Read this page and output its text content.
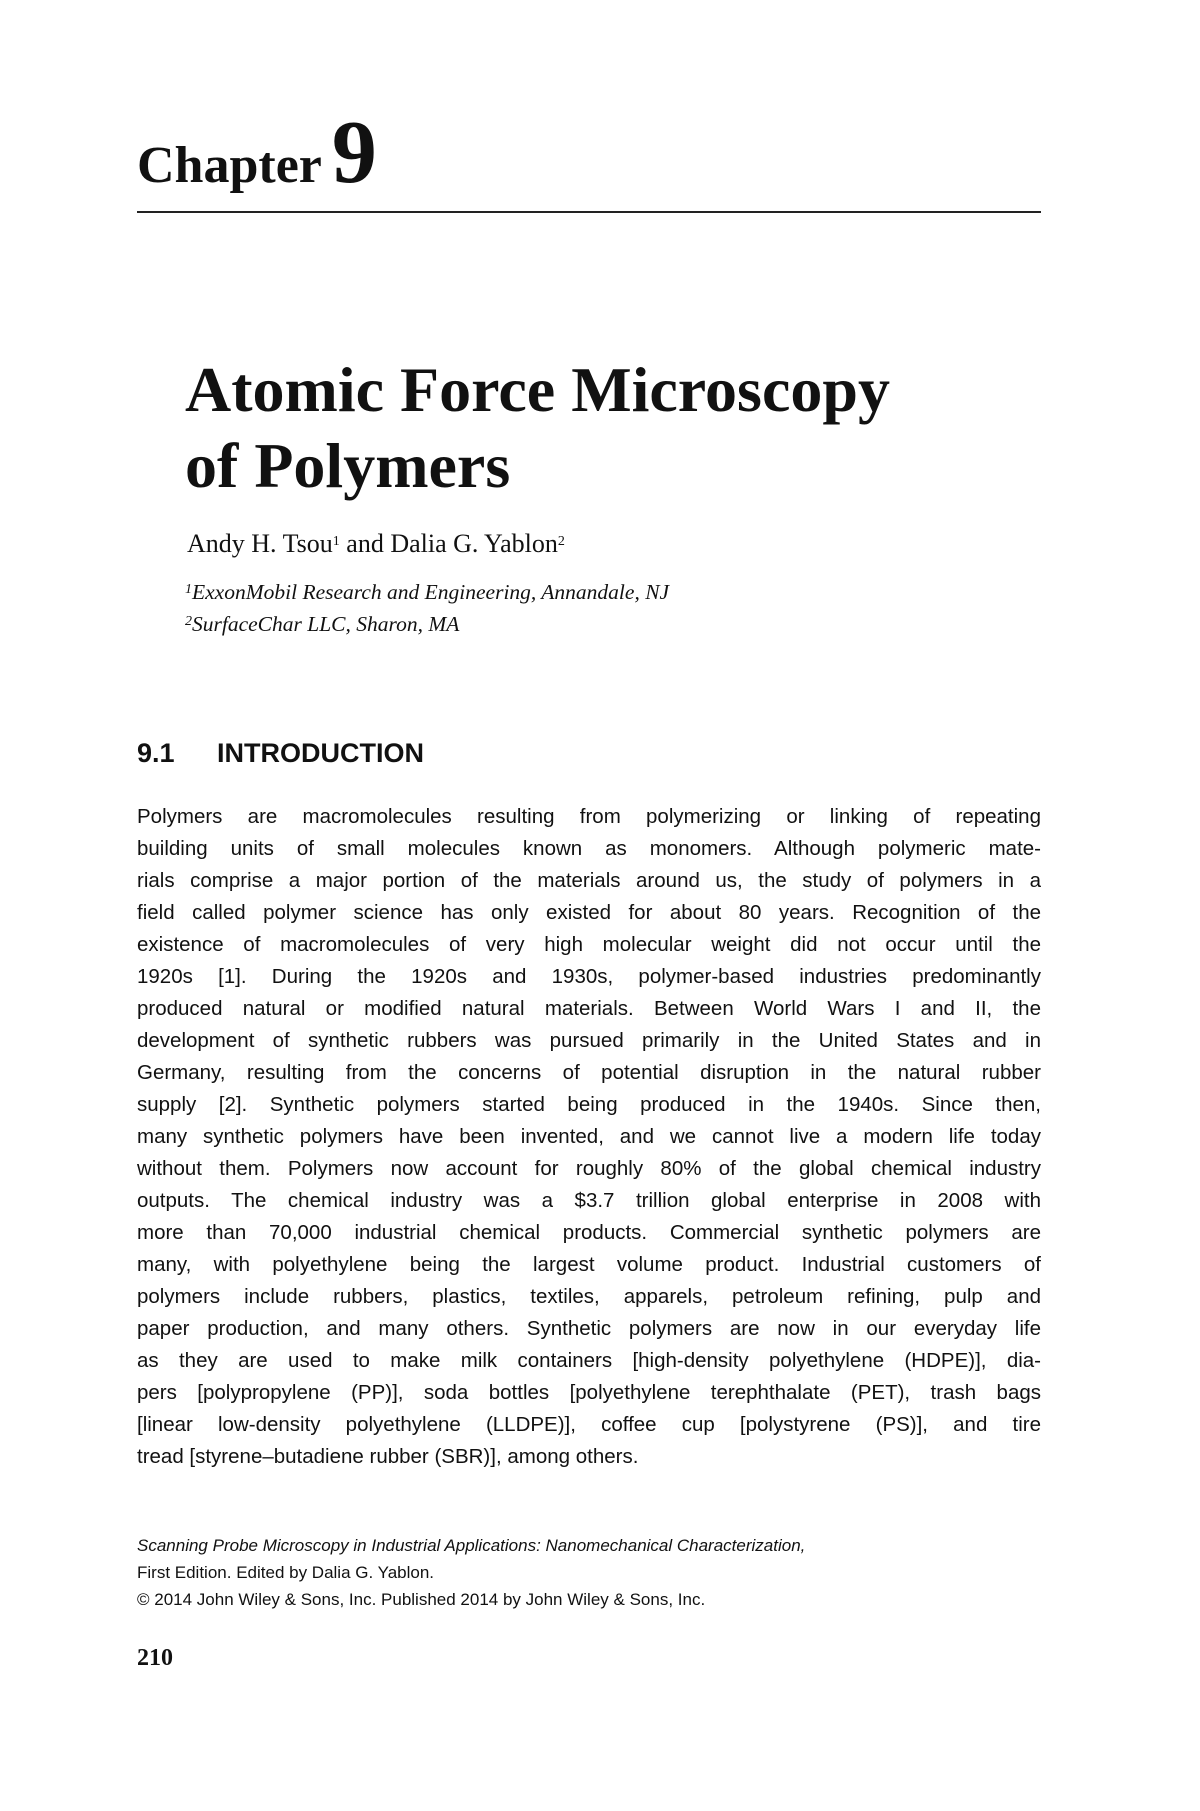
Chapter 9
Atomic Force Microscopy
of Polymers
Andy H. Tsou$^1$ and Dalia G. Yablon$^2$
$^1$ExxonMobil Research and Engineering, Annandale, NJ
$^2$SurfaceChar LLC, Sharon, MA
9.1 INTRODUCTION
Polymers are macromolecules resulting from polymerizing or linking of repeating
building units of small molecules known as monomers. Although polymeric mate-
rials comprise a major portion of the materials around us, the study of polymers in a
field called polymer science has only existed for about 80 years. Recognition of the
existence of macromolecules of very high molecular weight did not occur until the
1920s [1]. During the 1920s and 1930s, polymer-based industries predominantly
produced natural or modified natural materials. Between World Wars I and II, the
development of synthetic rubbers was pursued primarily in the United States and in
Germany, resulting from the concerns of potential disruption in the natural rubber
supply [2]. Synthetic polymers started being produced in the 1940s. Since then,
many synthetic polymers have been invented, and we cannot live a modern life today
without them. Polymers now account for roughly 80% of the global chemical industry
outputs. The chemical industry was a $3.7 trillion global enterprise in 2008 with
more than 70,000 industrial chemical products. Commercial synthetic polymers are
many, with polyethylene being the largest volume product. Industrial customers of
polymers include rubbers, plastics, textiles, apparels, petroleum refining, pulp and
paper production, and many others. Synthetic polymers are now in our everyday life
as they are used to make milk containers [high-density polyethylene (HDPE)], dia-
pers [polypropylene (PP)], soda bottles [polyethylene terephthalate (PET), trash bags
[linear low-density polyethylene (LLDPE)], coffee cup [polystyrene (PS)], and tire
tread [styrene–butadiene rubber (SBR)], among others.
Scanning Probe Microscopy in Industrial Applications: Nanomechanical Characterization,
First Edition. Edited by Dalia G. Yablon.
© 2014 John Wiley & Sons, Inc. Published 2014 by John Wiley & Sons, Inc.
210
